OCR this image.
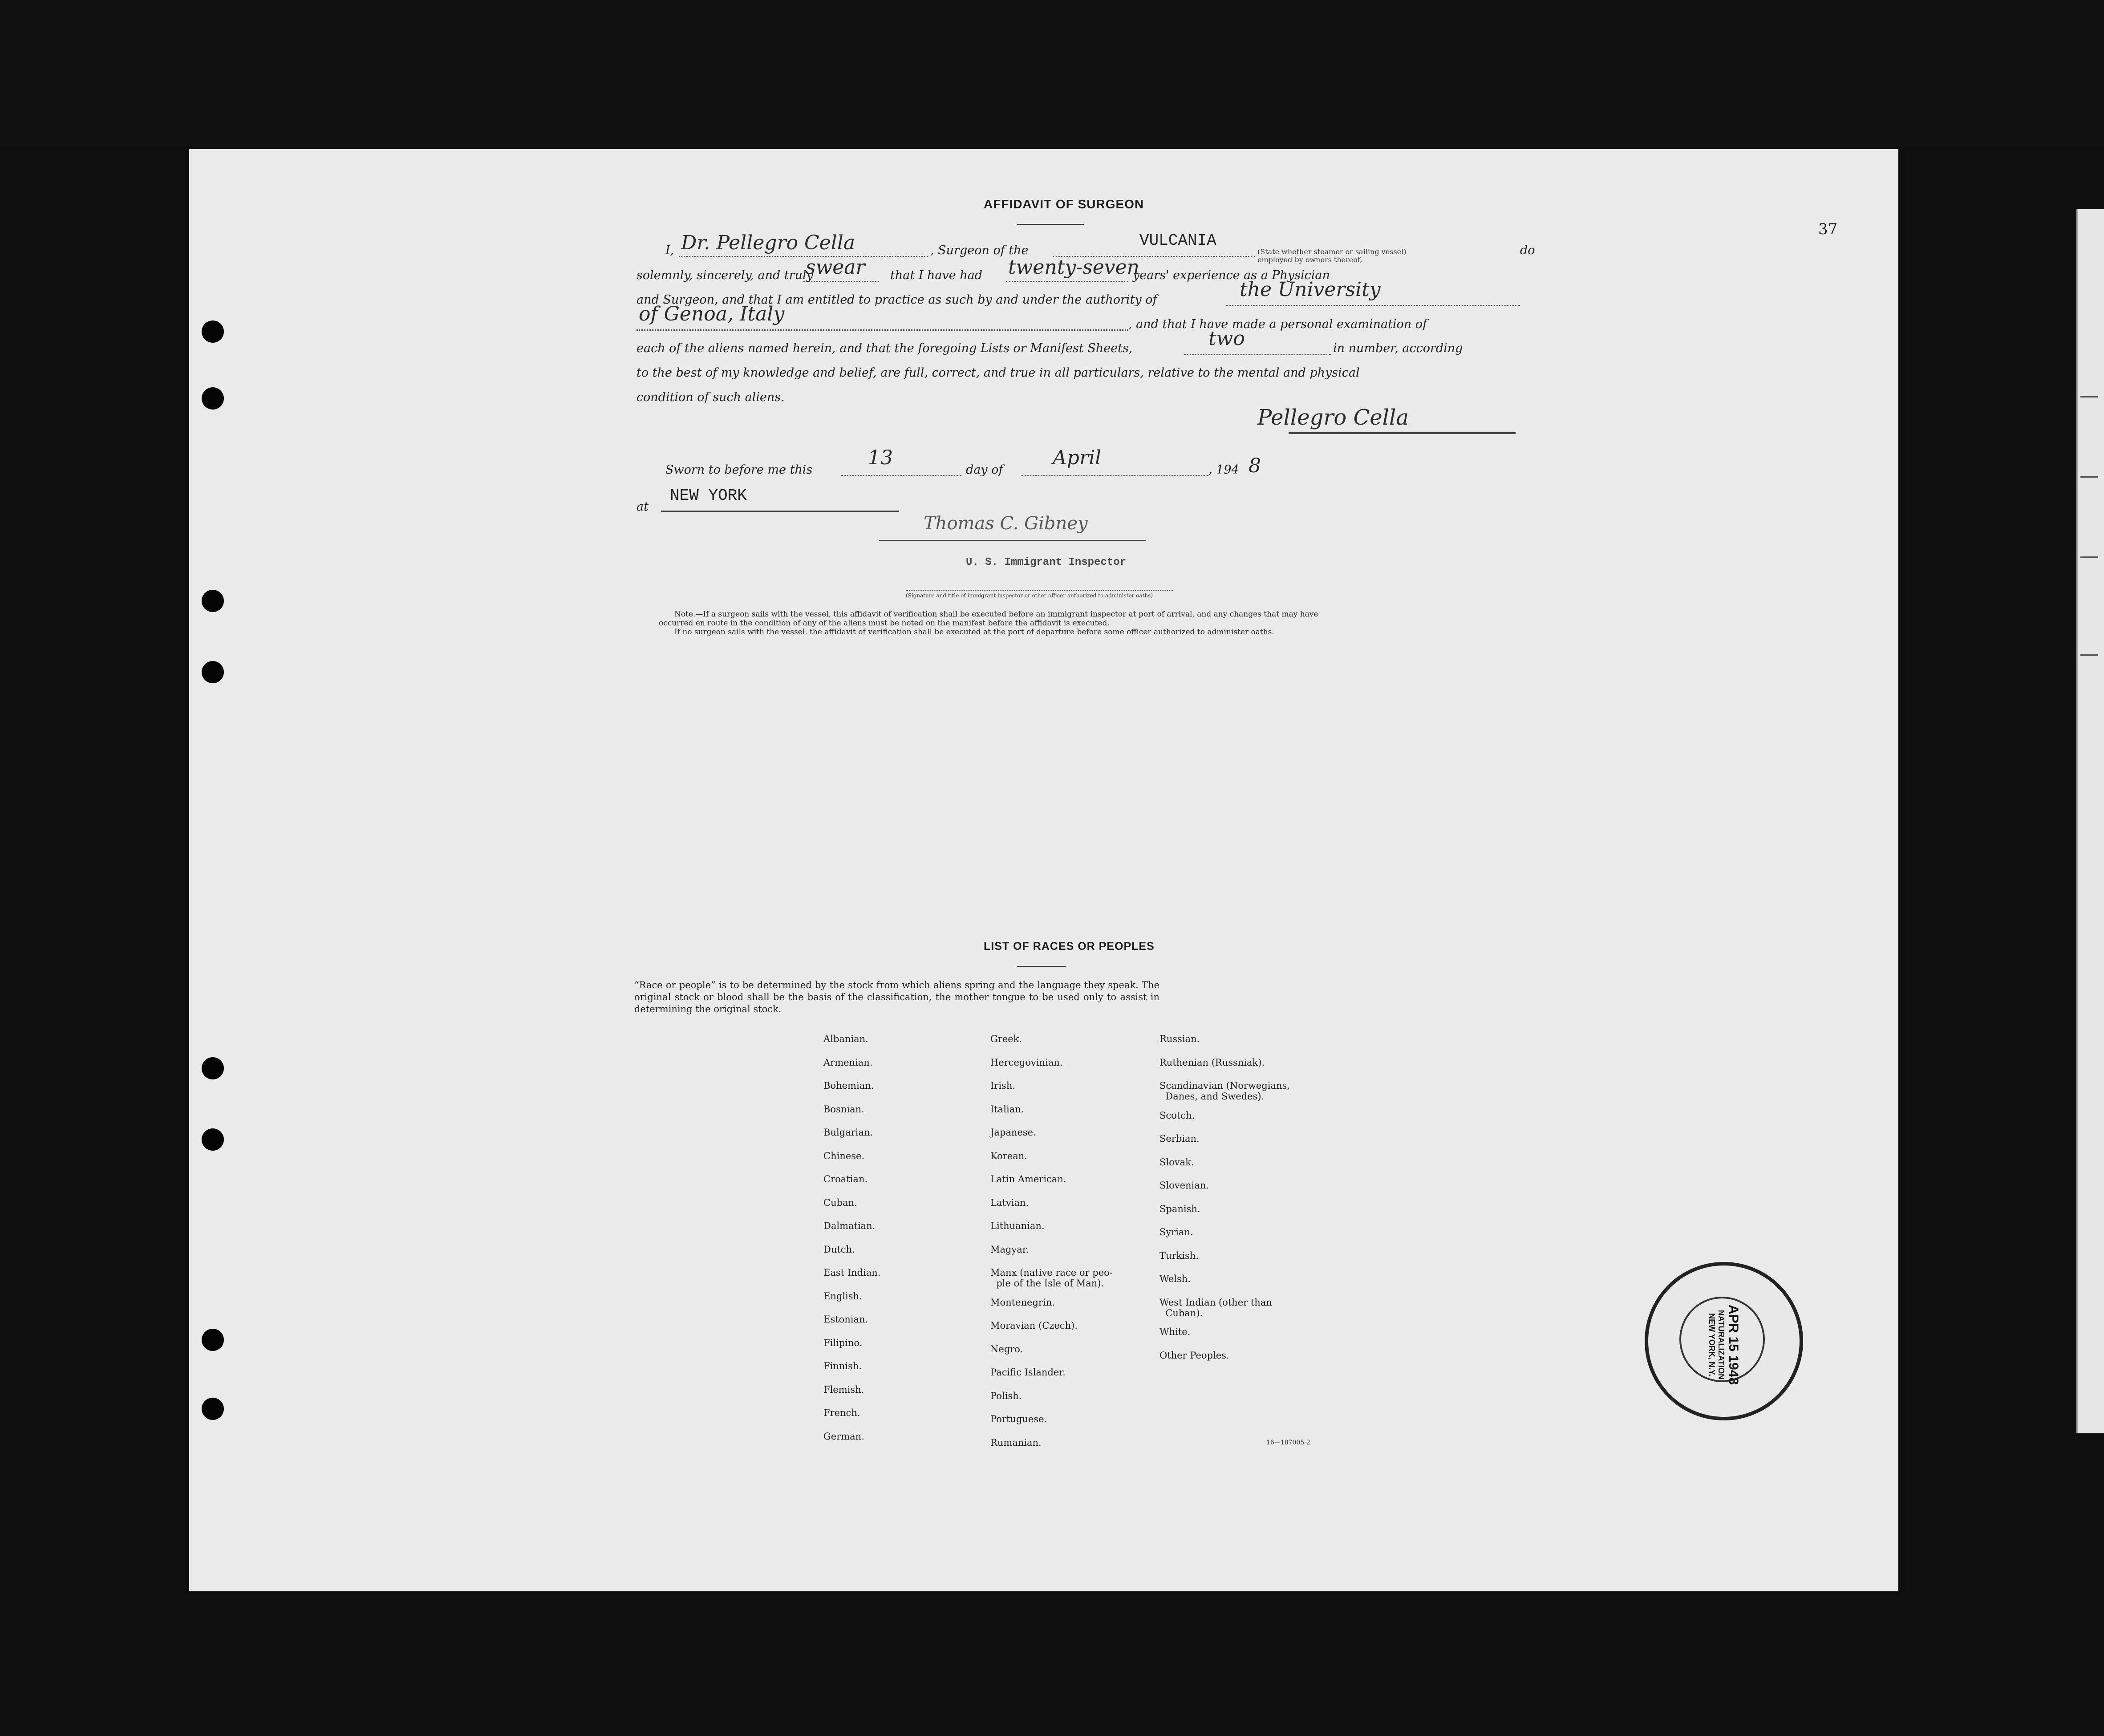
AFFIDAVIT OF SURGEON
37
I, Dr. Pellegro Cella	, Surgeon of the
VULCANIA
(State whether steamer or sailing vessel) employed by owners thereof,
do
solemnly, sincerely, and truly
swear that I have had twenty-seven
years' experience as a Physician
and Surgeon, and that I am entitled to practice as such by and under the authority of	the University
of Genoa, Italy	, and that I have made a personal examination of
each of the aliens named herein, and that the foregoing Lists or Manifest Sheets,	two	in number, according
to the best of my knowledge and belief, are full, correct, and true in all particulars, relative to the mental and physical
condition of such aliens.
Pellegro Cella
Sworn to before me this
13
day of
April
, 194 8
at
NEW YORK
Thomas C. Gibney
U. S. Immigrant Inspector
(Signature and title of immigrant inspector or other officer authorized to administer oaths)
Note.—If a surgeon sails with the vessel, this affidavit of verification shall be executed before an immigrant inspector at port of arrival, and any changes that may have
occurred en route in the condition of any of the aliens must be noted on the manifest before the affidavit is executed.
If no surgeon sails with the vessel, the affidavit of verification shall be executed at the port of departure before some officer authorized to administer oaths.
LIST OF RACES OR PEOPLES
“Race or people” is to be determined by the stock from which aliens spring and the language they speak. The original stock or blood shall be the basis of the classification, the mother tongue to be used only to assist in determining the original stock.
Albanian.
Armenian.
Bohemian.
Bosnian.
Bulgarian.
Chinese.
Croatian.
Cuban.
Dalmatian.
Dutch.
East Indian.
English.
Estonian.
Filipino.
Finnish.
Flemish.
French.
German.
Greek.
Hercegovinian.
Irish.
Italian.
Japanese.
Korean.
Latin American.
Latvian.
Lithuanian.
Magyar.
Manx (native race or peo-
ple of the Isle of Man).
Montenegrin.
Moravian (Czech).
Negro.
Pacific Islander.
Polish.
Portuguese.
Rumanian.
Russian.
Ruthenian (Russniak).
Scandinavian (Norwegians,
Danes, and Swedes).
Scotch.
Serbian.
Slovak.
Slovenian.
Spanish.
Syrian.
Turkish.
Welsh.
West Indian (other than
Cuban).
White.
Other Peoples.
16—187005-2
APR 15 1948
NATURALIZATION
NEW YORK, N.Y.
